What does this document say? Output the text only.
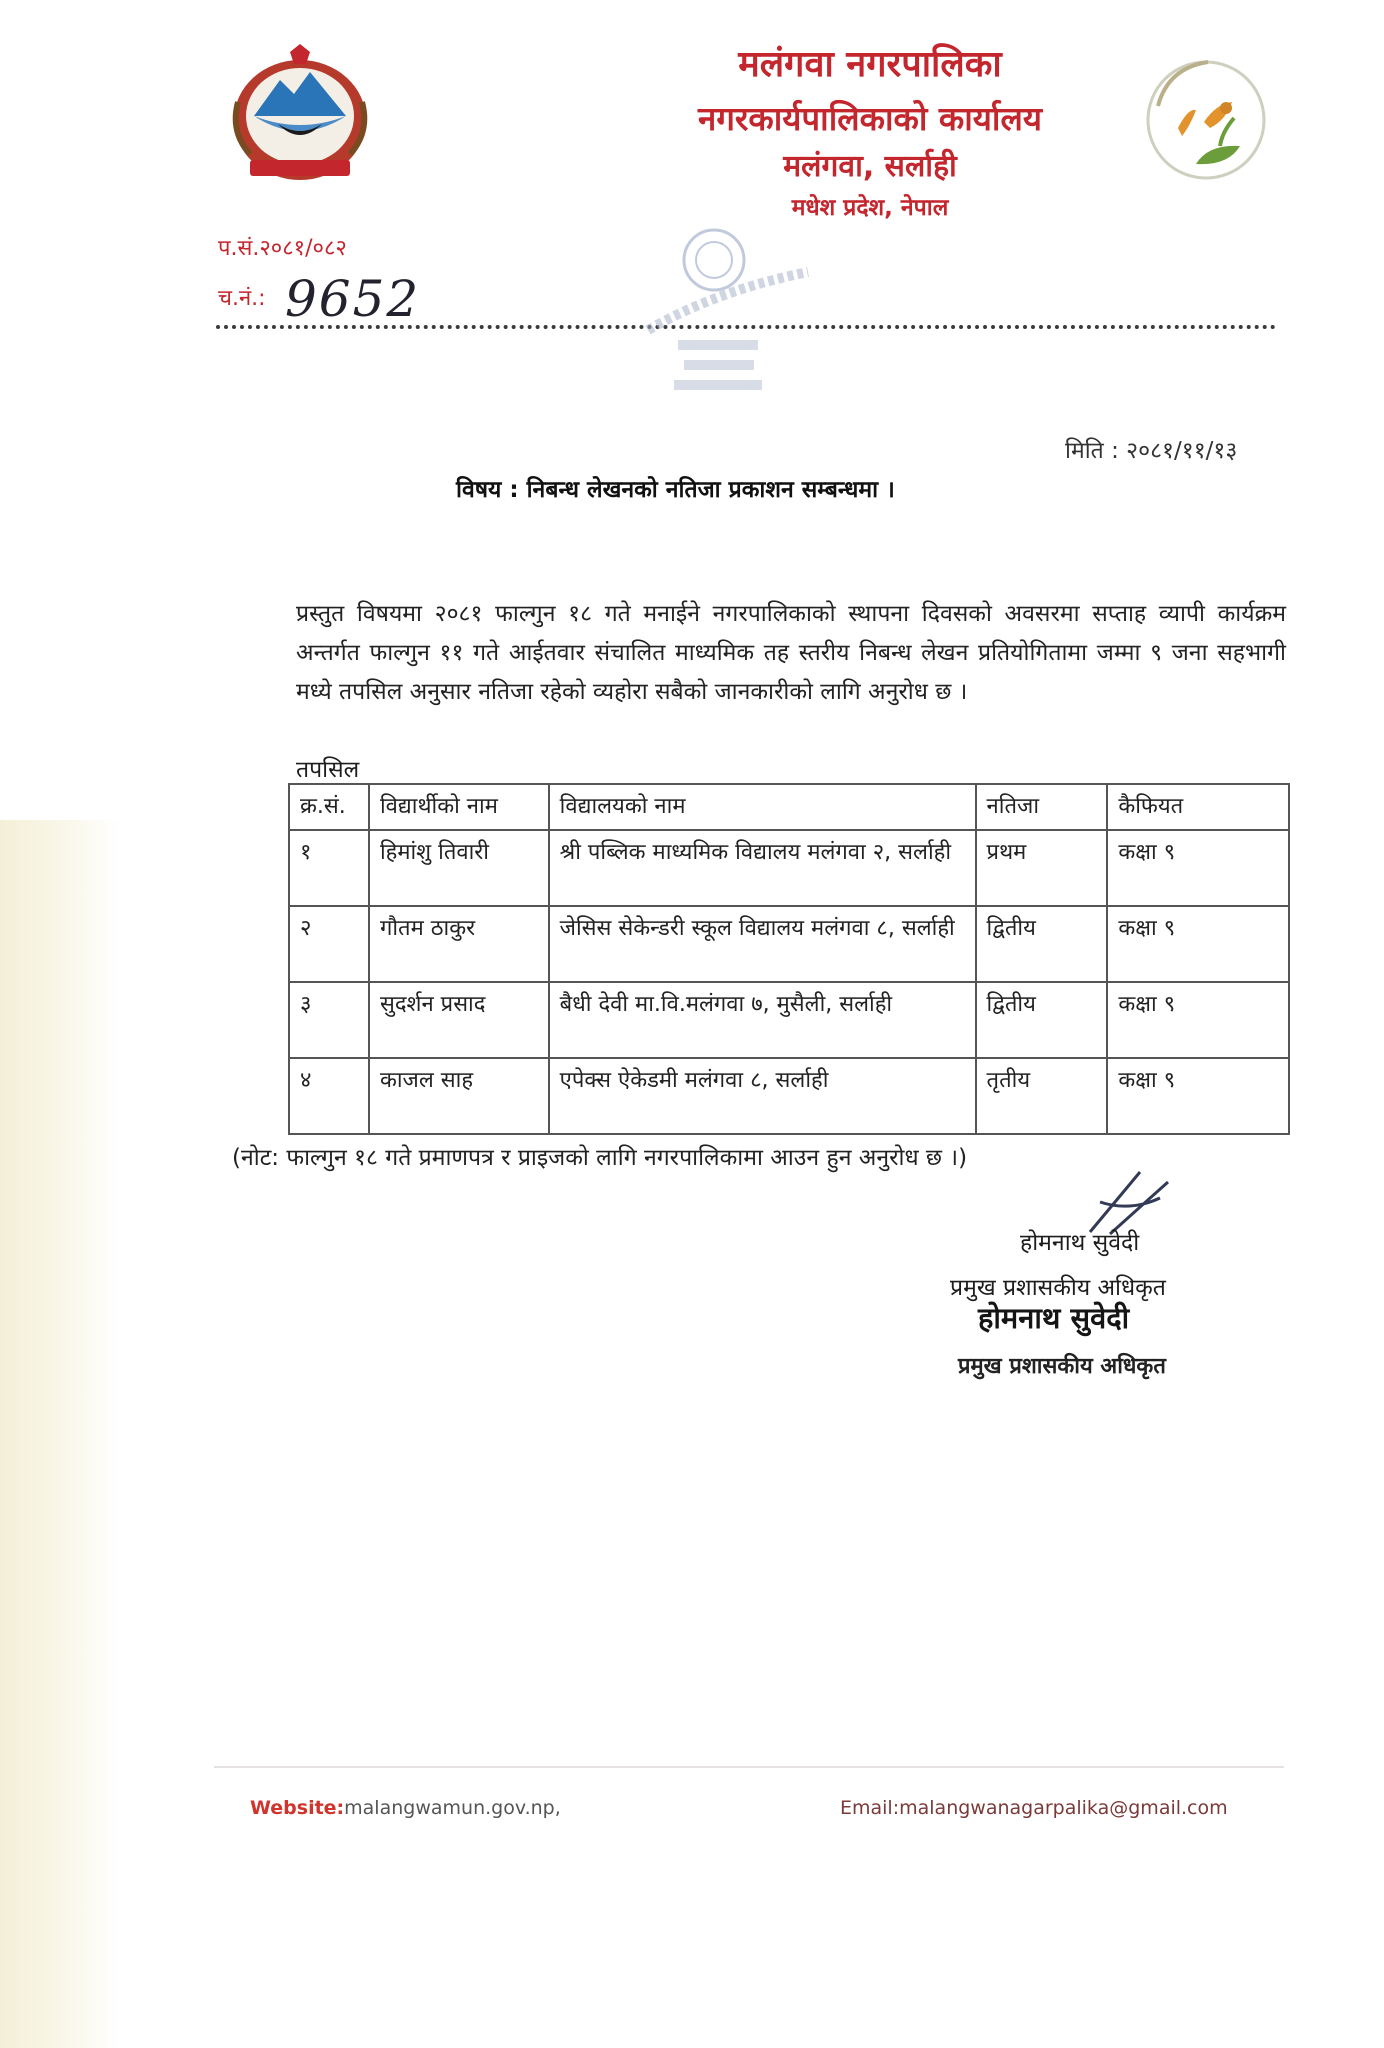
मलंगवा नगरपालिका
नगरकार्यपालिकाको कार्यालय
मलंगवा, सर्लाही
मधेश प्रदेश, नेपाल
प.सं.२०८१/०८२
च.नं.: 9652
मिति : २०८१/११/१३
विषय : निबन्ध लेखनको नतिजा प्रकाशन सम्बन्धमा ।
प्रस्तुत विषयमा २०८१ फाल्गुन १८ गते मनाईने नगरपालिकाको स्थापना दिवसको अवसरमा सप्ताह व्यापी कार्यक्रम अन्तर्गत फाल्गुन ११ गते आईतवार संचालित माध्यमिक तह स्तरीय निबन्ध लेखन प्रतियोगितामा जम्मा ९ जना सहभागी मध्ये तपसिल अनुसार नतिजा रहेको व्यहोरा सबैको जानकारीको लागि अनुरोध छ ।
तपसिल
क्र.सं.	विद्यार्थीको नाम	विद्यालयको नाम	नतिजा	कैफियत
१	हिमांशु तिवारी	श्री पब्लिक माध्यमिक विद्यालय मलंगवा २, सर्लाही	प्रथम	कक्षा ९
२	गौतम ठाकुर	जेसिस सेकेन्डरी स्कूल विद्यालय मलंगवा ८, सर्लाही	द्वितीय	कक्षा ९
३	सुदर्शन प्रसाद	बैधी देवी मा.वि.मलंगवा ७, मुसैली, सर्लाही	द्वितीय	कक्षा ९
४	काजल साह	एपेक्स ऐकेडमी मलंगवा ८, सर्लाही	तृतीय	कक्षा ९
(नोट: फाल्गुन १८ गते प्रमाणपत्र र प्राइजको लागि नगरपालिकामा आउन हुन अनुरोध छ ।)
होमनाथ सुवेदी
प्रमुख प्रशासकीय अधिकृत
होमनाथ सुवेदी
प्रमुख प्रशासकीय अधिकृत
Website:malangwamun.gov.np,	Email:malangwanagarpalika@gmail.com
